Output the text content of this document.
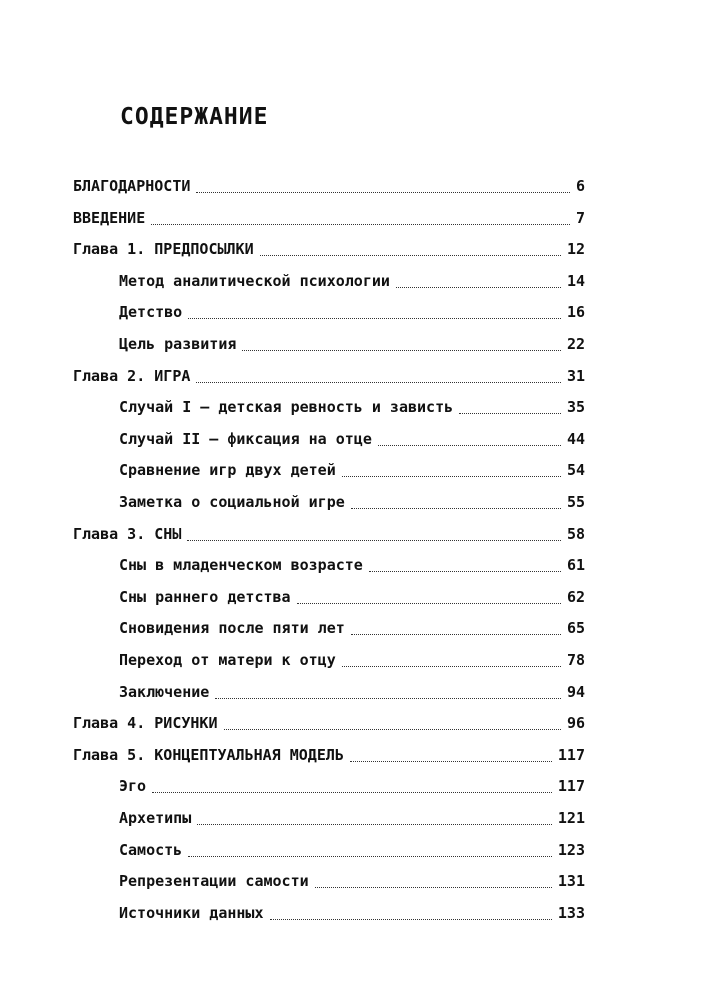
СОДЕРЖАНИЕ
БЛАГОДАРНОСТИ	6
ВВЕДЕНИЕ	7
Глава 1. ПРЕДПОСЫЛКИ	12
Метод аналитической психологии	14
Детство	16
Цель развития	22
Глава 2. ИГРА	31
Случай I — детская ревность и зависть	35
Случай II — фиксация на отце	44
Сравнение игр двух детей	54
Заметка о социальной игре	55
Глава 3. СНЫ	58
Сны в младенческом возрасте	61
Сны раннего детства	62
Сновидения после пяти лет	65
Переход от матери к отцу	78
Заключение	94
Глава 4. РИСУНКИ	96
Глава 5. КОНЦЕПТУАЛЬНАЯ МОДЕЛЬ	117
Эго	117
Архетипы	121
Самость	123
Репрезентации самости	131
Источники данных	133
